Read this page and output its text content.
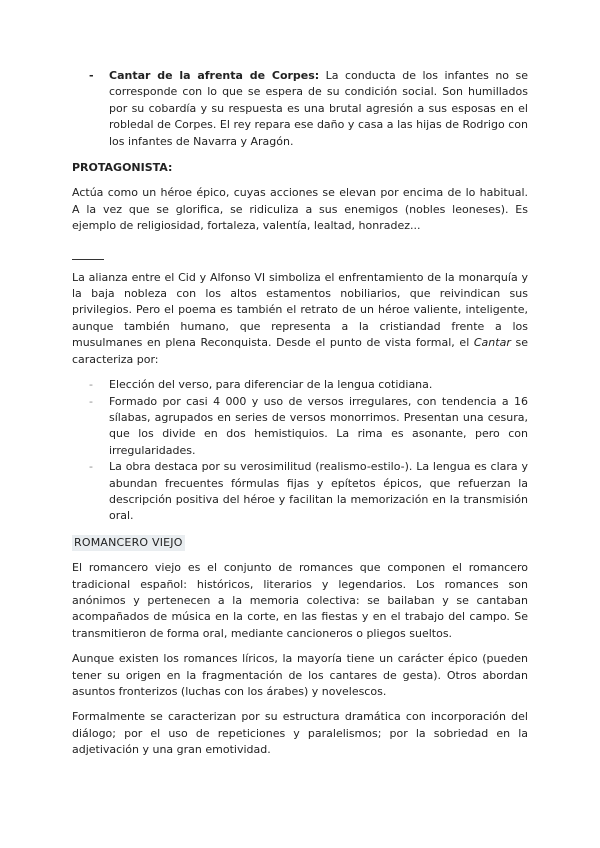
- Cantar de la afrenta de Corpes: La conducta de los infantes no se corresponde con lo que se espera de su condición social. Son humillados por su cobardía y su respuesta es una brutal agresión a sus esposas en el robledal de Corpes. El rey repara ese daño y casa a las hijas de Rodrigo con los infantes de Navarra y Aragón.

PROTAGONISTA:

Actúa como un héroe épico, cuyas acciones se elevan por encima de lo habitual. A la vez que se glorifica, se ridiculiza a sus enemigos (nobles leoneses). Es ejemplo de religiosidad, fortaleza, valentía, lealtad, honradez...

La alianza entre el Cid y Alfonso VI simboliza el enfrentamiento de la monarquía y la baja nobleza con los altos estamentos nobiliarios, que reivindican sus privilegios. Pero el poema es también el retrato de un héroe valiente, inteligente, aunque también humano, que representa a la cristiandad frente a los musulmanes en plena Reconquista. Desde el punto de vista formal, el Cantar se caracteriza por:

- Elección del verso, para diferenciar de la lengua cotidiana.
- Formado por casi 4 000 y uso de versos irregulares, con tendencia a 16 sílabas, agrupados en series de versos monorrimos. Presentan una cesura, que los divide en dos hemistiquios. La rima es asonante, pero con irregularidades.
- La obra destaca por su verosimilitud (realismo-estilo-). La lengua es clara y abundan frecuentes fórmulas fijas y epítetos épicos, que refuerzan la descripción positiva del héroe y facilitan la memorización en la transmisión oral.
ROMANCERO VIEJO

El romancero viejo es el conjunto de romances que componen el romancero tradicional español: históricos, literarios y legendarios. Los romances son anónimos y pertenecen a la memoria colectiva: se bailaban y se cantaban acompañados de música en la corte, en las fiestas y en el trabajo del campo. Se transmitieron de forma oral, mediante cancioneros o pliegos sueltos.

Aunque existen los romances líricos, la mayoría tiene un carácter épico (pueden tener su origen en la fragmentación de los cantares de gesta). Otros abordan asuntos fronterizos (luchas con los árabes) y novelescos.

Formalmente se caracterizan por su estructura dramática con incorporación del diálogo; por el uso de repeticiones y paralelismos; por la sobriedad en la adjetivación y una gran emotividad.
